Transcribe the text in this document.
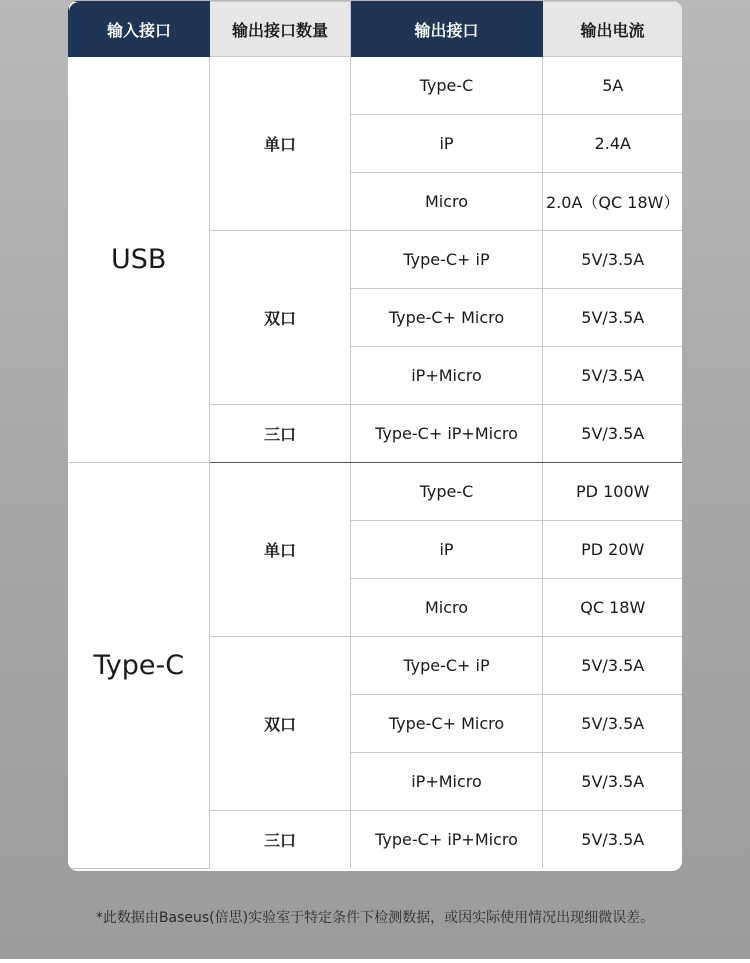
输入接口	输出接口数量	输出接口	输出电流
USB	单口	Type-C	5A
		iP	2.4A
		Micro	2.0A（QC 18W）
	双口	Type-C+ iP	5V/3.5A
		Type-C+ Micro	5V/3.5A
		iP+Micro	5V/3.5A
	三口	Type-C+ iP+Micro	5V/3.5A
Type-C	单口	Type-C	PD 100W
		iP	PD 20W
		Micro	QC 18W
	双口	Type-C+ iP	5V/3.5A
		Type-C+ Micro	5V/3.5A
		iP+Micro	5V/3.5A
	三口	Type-C+ iP+Micro	5V/3.5A
*此数据由Baseus(倍思)实验室于特定条件下检测数据，或因实际使用情况出现细微误差。
